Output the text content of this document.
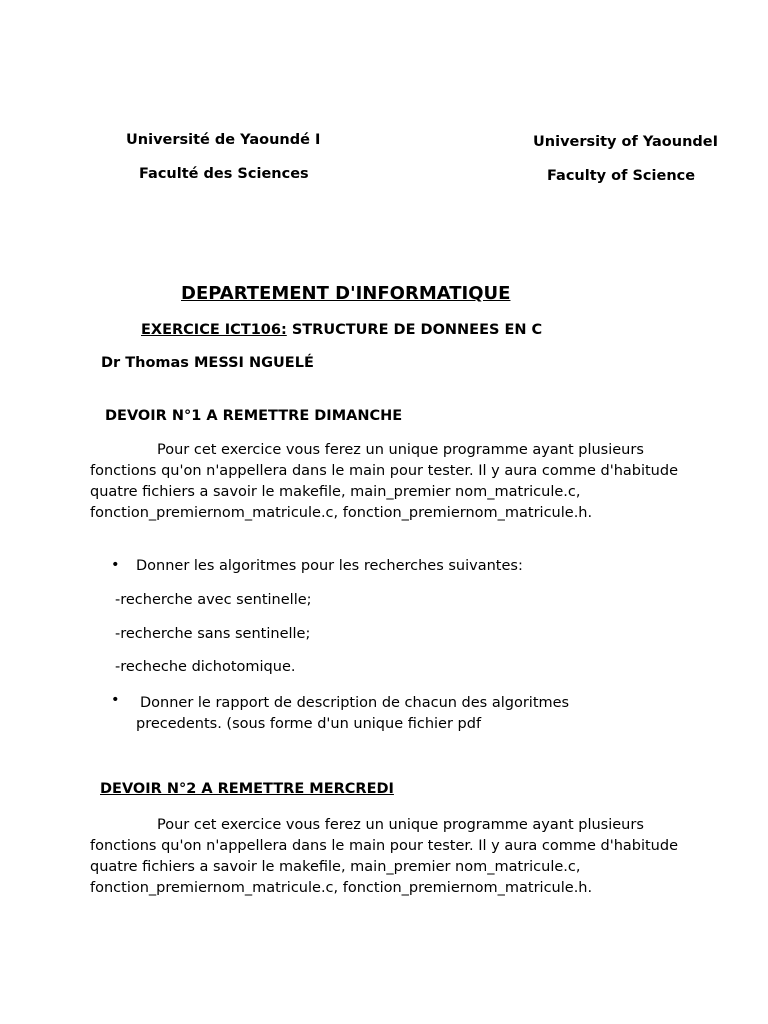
Université de Yaoundé I
Faculté des Sciences
University of YaoundeI
Faculty of Science
DEPARTEMENT D'INFORMATIQUE
EXERCICE ICT106: STRUCTURE DE DONNEES EN C
Dr Thomas MESSI NGUELÉ
DEVOIR N°1 A REMETTRE DIMANCHE
Pour cet exercice vous ferez un unique programme ayant plusieurs fonctions qu'on n'appellera dans le main pour tester. Il y aura comme d'habitude quatre fichiers a savoir le makefile, main_premier nom_matricule.c, fonction_premiernom_matricule.c, fonction_premiernom_matricule.h.
• Donner les algoritmes pour les recherches suivantes:
-recherche avec sentinelle;
-recherche sans sentinelle;
-recheche dichotomique.
• Donner le rapport de description de chacun des algoritmes precedents. (sous forme d'un unique fichier pdf
DEVOIR N°2 A REMETTRE MERCREDI
Pour cet exercice vous ferez un unique programme ayant plusieurs fonctions qu'on n'appellera dans le main pour tester. Il y aura comme d'habitude quatre fichiers a savoir le makefile, main_premier nom_matricule.c, fonction_premiernom_matricule.c, fonction_premiernom_matricule.h.
